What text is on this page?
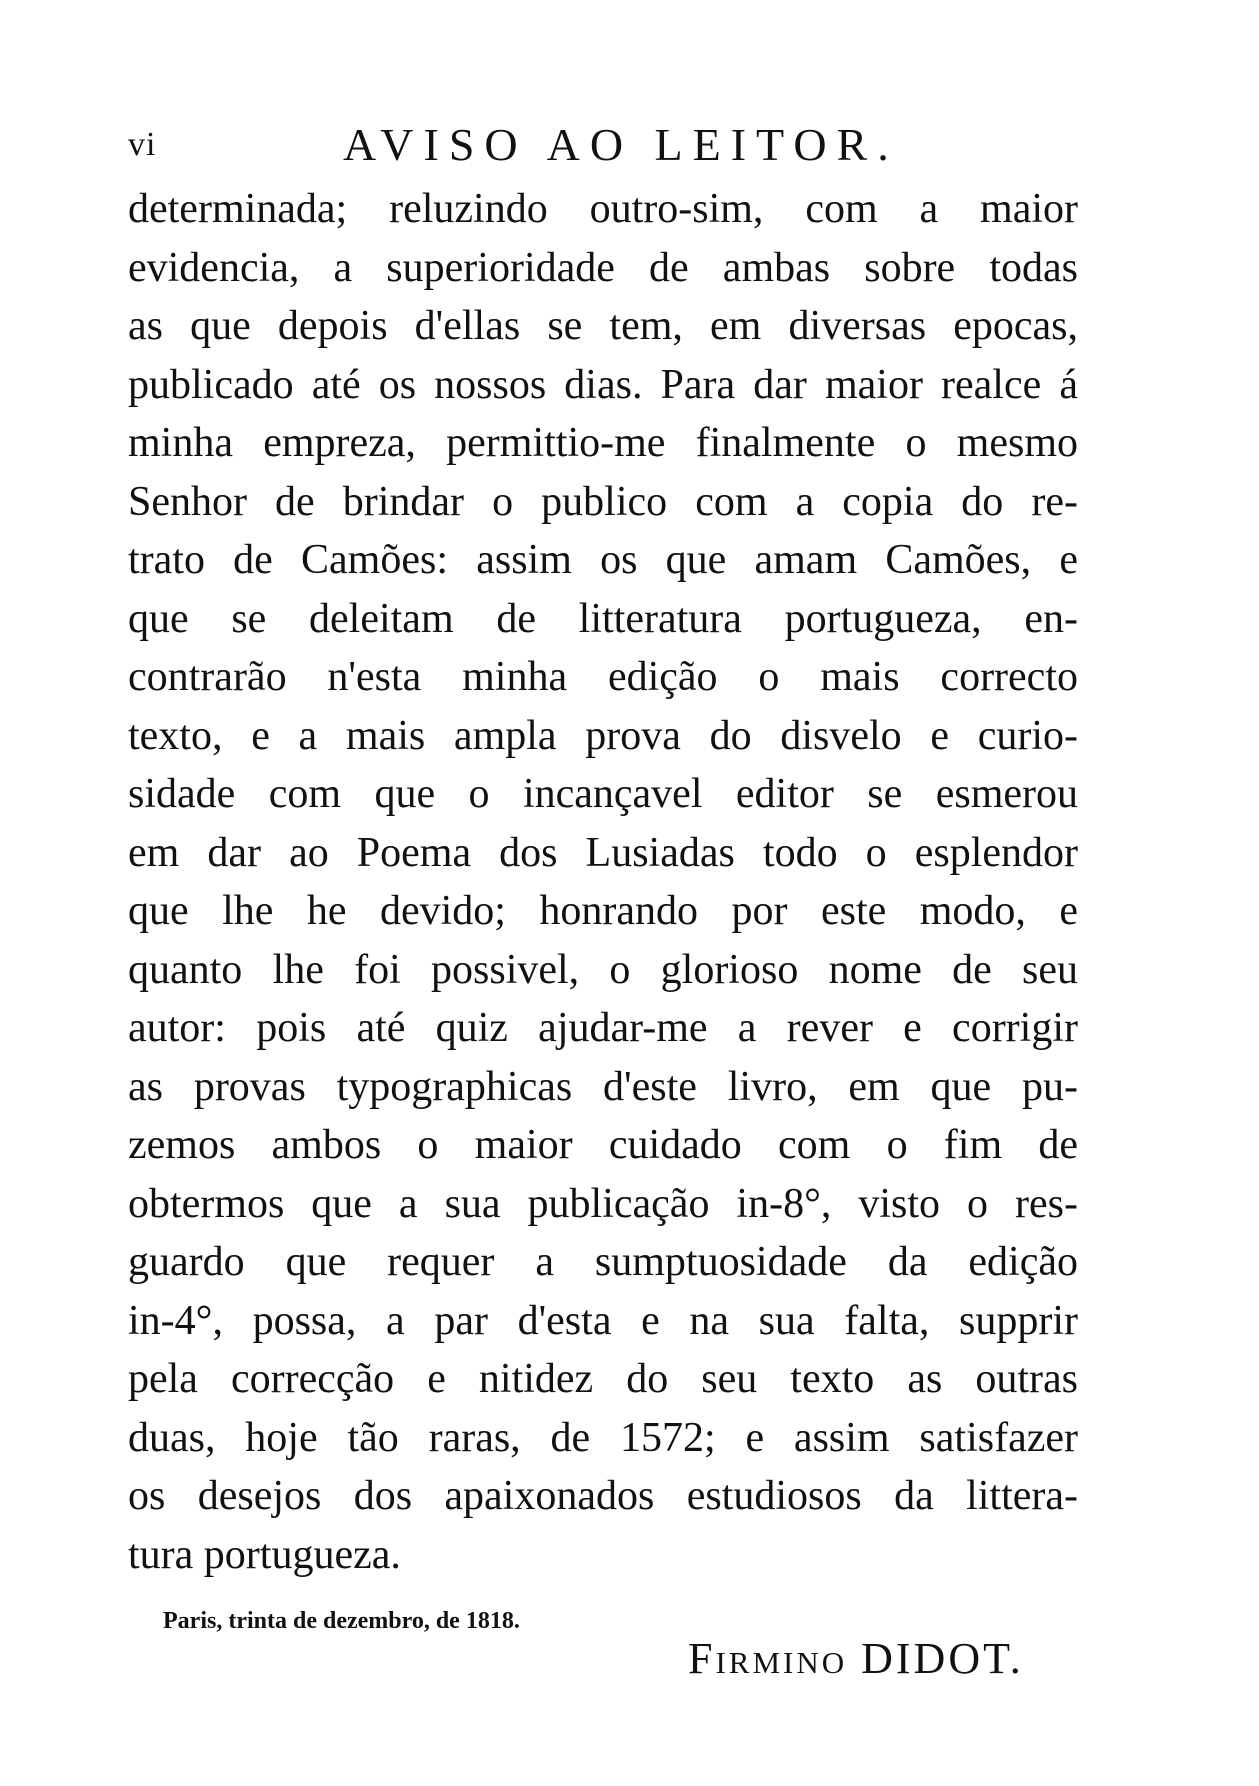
vi	AVISO AO LEITOR.
determinada; reluzindo outro-sim, com a maior
evidencia, a superioridade de ambas sobre todas
as que depois d'ellas se tem, em diversas epocas,
publicado até os nossos dias. Para dar maior realce á
minha empreza, permittio-me finalmente o mesmo
Senhor de brindar o publico com a copia do re-
trato de Camões: assim os que amam Camões, e
que se deleitam de litteratura portugueza, en-
contrarão n'esta minha edição o mais correcto
texto, e a mais ampla prova do disvelo e curio-
sidade com que o incançavel editor se esmerou
em dar ao Poema dos Lusiadas todo o esplendor
que lhe he devido; honrando por este modo, e
quanto lhe foi possivel, o glorioso nome de seu
autor: pois até quiz ajudar-me a rever e corrigir
as provas typographicas d'este livro, em que pu-
zemos ambos o maior cuidado com o fim de
obtermos que a sua publicação in-8°, visto o res-
guardo que requer a sumptuosidade da edição
in-4°, possa, a par d'esta e na sua falta, supprir
pela correcção e nitidez do seu texto as outras
duas, hoje tão raras, de 1572; e assim satisfazer
os desejos dos apaixonados estudiosos da littera-
tura portugueza.
Paris, trinta de dezembro, de 1818.
Firmino DIDOT.
